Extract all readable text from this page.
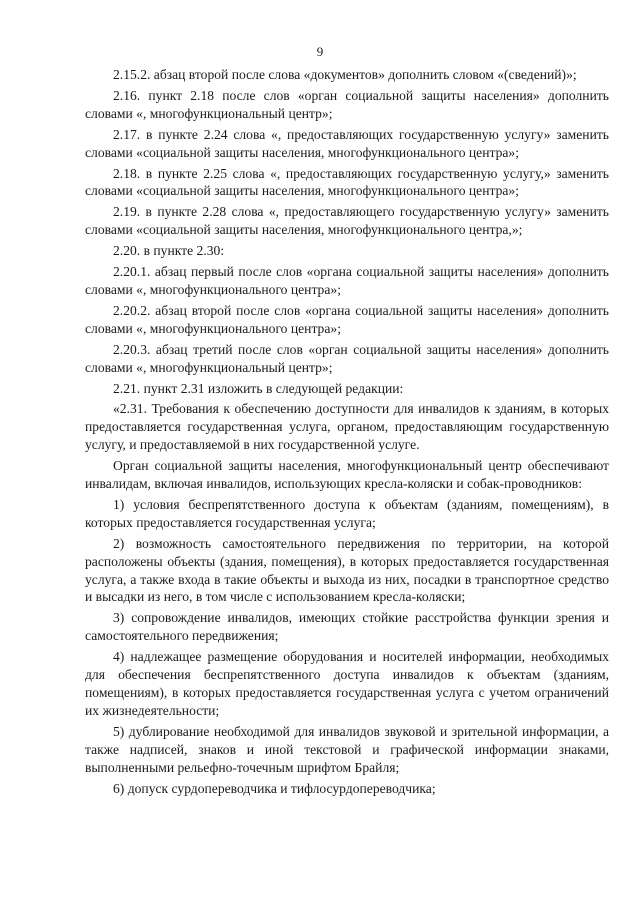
9

2.15.2. абзац второй после слова «документов» дополнить словом «(сведений)»;

2.16. пункт 2.18 после слов «орган социальной защиты населения» дополнить словами «, многофункциональный центр»;

2.17. в пункте 2.24 слова «, предоставляющих государственную услугу» заменить словами «социальной защиты населения, многофункционального центра»;

2.18. в пункте 2.25 слова «, предоставляющих государственную услугу,» заменить словами «социальной защиты населения, многофункционального центра»;

2.19. в пункте 2.28 слова «, предоставляющего государственную услугу» заменить словами «социальной защиты населения, многофункционального центра,»;

2.20. в пункте 2.30:

2.20.1. абзац первый после слов «органа социальной защиты населения» дополнить словами «, многофункционального центра»;

2.20.2. абзац второй после слов «органа социальной защиты населения» дополнить словами «, многофункционального центра»;

2.20.3. абзац третий после слов «орган социальной защиты населения» дополнить словами «, многофункциональный центр»;

2.21. пункт 2.31 изложить в следующей редакции:

«2.31. Требования к обеспечению доступности для инвалидов к зданиям, в которых предоставляется государственная услуга, органом, предоставляющим государственную услугу, и предоставляемой в них государственной услуге.

Орган социальной защиты населения, многофункциональный центр обеспечивают инвалидам, включая инвалидов, использующих кресла-коляски и собак-проводников:

1) условия беспрепятственного доступа к объектам (зданиям, помещениям), в которых предоставляется государственная услуга;

2) возможность самостоятельного передвижения по территории, на которой расположены объекты (здания, помещения), в которых предоставляется государственная услуга, а также входа в такие объекты и выхода из них, посадки в транспортное средство и высадки из него, в том числе с использованием кресла-коляски;

3) сопровождение инвалидов, имеющих стойкие расстройства функции зрения и самостоятельного передвижения;

4) надлежащее размещение оборудования и носителей информации, необходимых для обеспечения беспрепятственного доступа инвалидов к объектам (зданиям, помещениям), в которых предоставляется государственная услуга с учетом ограничений их жизнедеятельности;

5) дублирование необходимой для инвалидов звуковой и зрительной информации, а также надписей, знаков и иной текстовой и графической информации знаками, выполненными рельефно-точечным шрифтом Брайля;

6) допуск сурдопереводчика и тифлосурдопереводчика;
